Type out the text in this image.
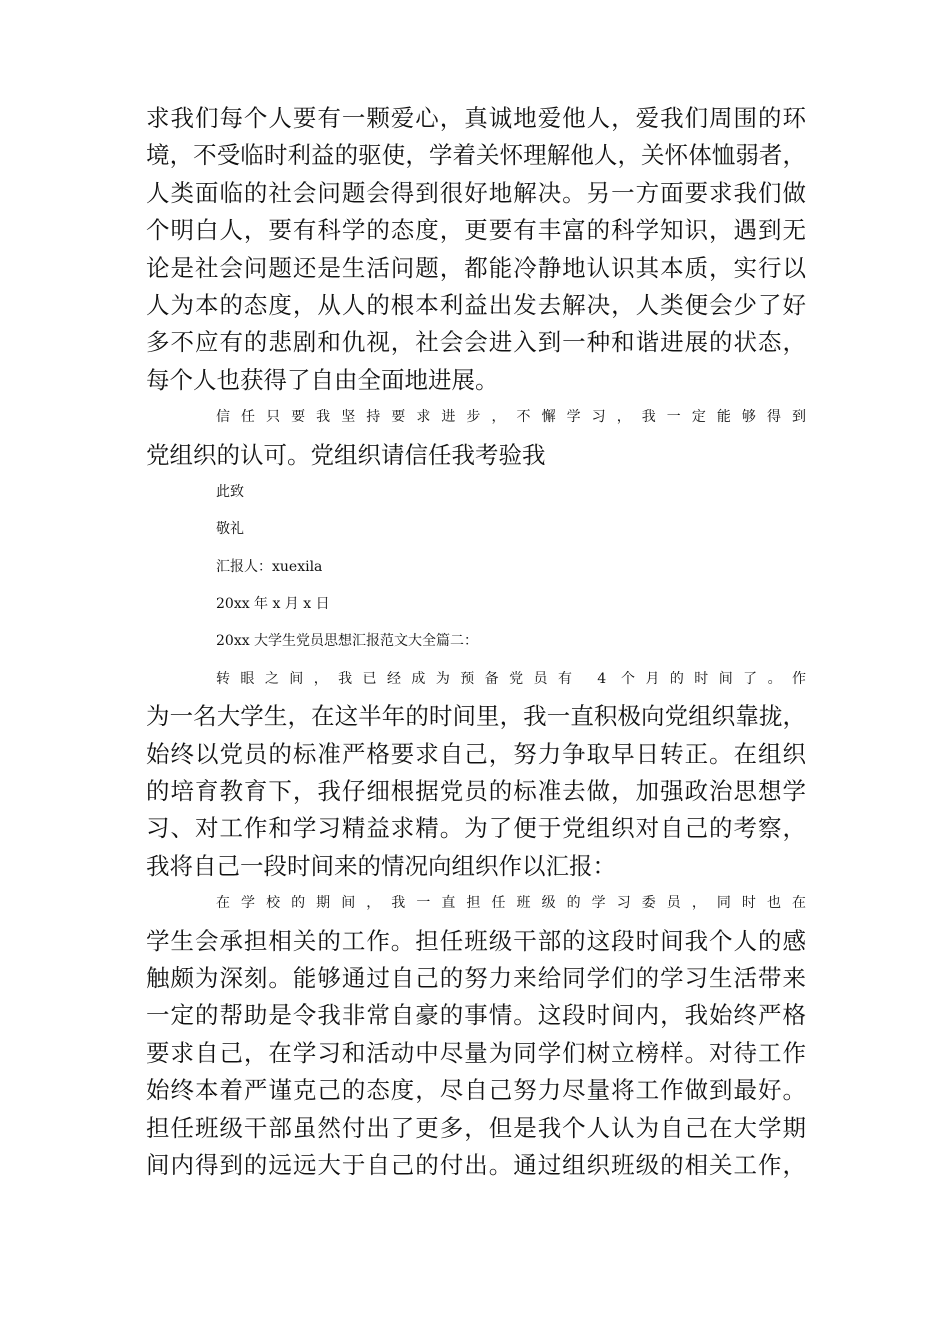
求我们每个人要有一颗爱心，真诚地爱他人，爱我们周围的环
境，不受临时利益的驱使，学着关怀理解他人，关怀体恤弱者，
人类面临的社会问题会得到很好地解决。另一方面要求我们做
个明白人，要有科学的态度，更要有丰富的科学知识，遇到无
论是社会问题还是生活问题，都能冷静地认识其本质，实行以
人为本的态度，从人的根本利益出发去解决，人类便会少了好
多不应有的悲剧和仇视，社会会进入到一种和谐进展的状态，
每个人也获得了自由全面地进展。
信任只要我坚持要求进步，不懈学习，我一定能够得到
党组织的认可。党组织请信任我考验我
此致
敬礼
汇报人：xuexila
20xx 年 x 月 x 日
20xx 大学生党员思想汇报范文大全篇二：
转眼之间，我已经成为预备党员有 4 个月的时间了。作
为一名大学生，在这半年的时间里，我一直积极向党组织靠拢，
始终以党员的标准严格要求自己，努力争取早日转正。在组织
的培育教育下，我仔细根据党员的标准去做，加强政治思想学
习、对工作和学习精益求精。为了便于党组织对自己的考察，
我将自己一段时间来的情况向组织作以汇报：
在学校的期间，我一直担任班级的学习委员，同时也在
学生会承担相关的工作。担任班级干部的这段时间我个人的感
触颇为深刻。能够通过自己的努力来给同学们的学习生活带来
一定的帮助是令我非常自豪的事情。这段时间内，我始终严格
要求自己，在学习和活动中尽量为同学们树立榜样。对待工作
始终本着严谨克己的态度，尽自己努力尽量将工作做到最好。
担任班级干部虽然付出了更多，但是我个人认为自己在大学期
间内得到的远远大于自己的付出。通过组织班级的相关工作，
